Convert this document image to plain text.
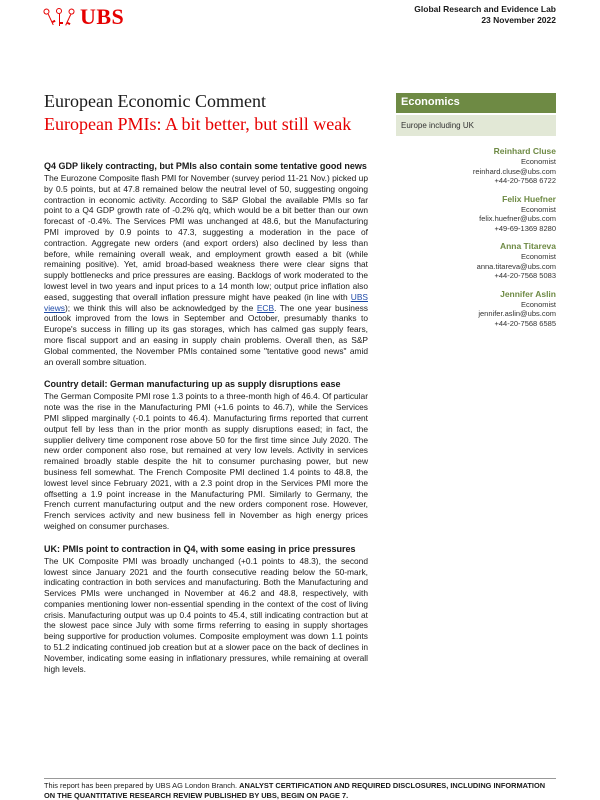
UBS	Global Research and Evidence Lab
23 November 2022
European Economic Comment
European PMIs: A bit better, but still weak
Economics
Europe including UK
Reinhard Cluse
Economist
reinhard.cluse@ubs.com
+44-20-7568 6722
Felix Huefner
Economist
felix.huefner@ubs.com
+49-69-1369 8280
Anna Titareva
Economist
anna.titareva@ubs.com
+44-20-7568 5083
Jennifer Aslin
Economist
jennifer.aslin@ubs.com
+44-20-7568 6585
Q4 GDP likely contracting, but PMIs also contain some tentative good news

The Eurozone Composite flash PMI for November (survey period 11-21 Nov.) picked up by 0.5 points, but at 47.8 remained below the neutral level of 50, suggesting ongoing contraction in economic activity. According to S&P Global the available PMIs so far point to a Q4 GDP growth rate of -0.2% q/q, which would be a bit better than our own forecast of -0.4%. The Services PMI was unchanged at 48.6, but the Manufacturing PMI improved by 0.9 points to 47.3, suggesting a moderation in the pace of contraction. Aggregate new orders (and export orders) also declined by less than before, while remaining overall weak, and employment growth eased a bit (while remaining positive). Yet, amid broad-based weakness there were clear signs that supply bottlenecks and price pressures are easing. Backlogs of work moderated to the lowest level in two years and input prices to a 14 month low; output price inflation also eased, suggesting that overall inflation pressure might have peaked (in line with UBS views); we think this will also be acknowledged by the ECB. The one year business outlook improved from the lows in September and October, presumably thanks to Europe's success in filling up its gas storages, which has calmed gas supply fears, more fiscal support and an easing in supply chain problems. Overall then, as S&P Global commented, the November PMIs contained some "tentative good news" amid an overall sombre situation.

Country detail: German manufacturing up as supply disruptions ease

The German Composite PMI rose 1.3 points to a three-month high of 46.4. Of particular note was the rise in the Manufacturing PMI (+1.6 points to 46.7), while the Services PMI slipped marginally (-0.1 points to 46.4). Manufacturing firms reported that current output fell by less than in the prior month as supply disruptions eased; in fact, the supplier delivery time component rose above 50 for the first time since July 2020. The new order component also rose, but remained at very low levels. Activity in services remained broadly stable despite the hit to consumer purchasing power, but new business fell somewhat. The French Composite PMI declined 1.4 points to 48.8, the lowest level since February 2021, with a 2.3 point drop in the Services PMI more the offsetting a 1.9 point increase in the Manufacturing PMI. Similarly to Germany, the French current manufacturing output and the new orders component rose. However, French services activity and new business fell in November as high energy prices weighed on consumer purchases.

UK: PMIs point to contraction in Q4, with some easing in price pressures

The UK Composite PMI was broadly unchanged (+0.1 points to 48.3), the second lowest since January 2021 and the fourth consecutive reading below the 50-mark, indicating contraction in both services and manufacturing. Both the Manufacturing and Services PMIs were unchanged in November at 46.2 and 48.8, respectively, with companies mentioning lower non-essential spending in the context of the cost of living crisis. Manufacturing output was up 0.4 points to 45.4, still indicating contraction but at the slowest pace since July with some firms referring to easing in supply shortages being supportive for production volumes. Composite employment was down 1.1 points to 51.2 indicating continued job creation but at a slower pace on the back of declines in November, indicating some easing in inflationary pressures, while remaining at overall high levels.

This report has been prepared by UBS AG London Branch. ANALYST CERTIFICATION AND REQUIRED DISCLOSURES, INCLUDING INFORMATION ON THE QUANTITATIVE RESEARCH REVIEW PUBLISHED BY UBS, BEGIN ON PAGE 7.
